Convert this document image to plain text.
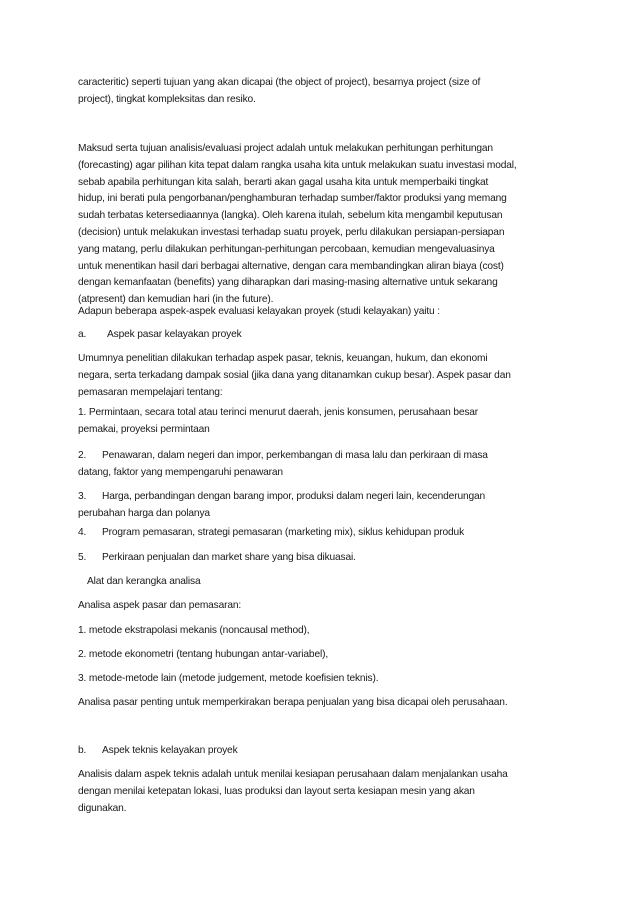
caracteritic) seperti tujuan yang akan dicapai (the object of project), besarnya project (size of
project), tingkat kompleksitas dan resiko.

Maksud serta tujuan analisis/evaluasi project adalah untuk melakukan perhitungan perhitungan
(forecasting) agar pilihan kita tepat dalam rangka usaha kita untuk melakukan suatu investasi modal,
sebab apabila perhitungan kita salah, berarti akan gagal usaha kita untuk memperbaiki tingkat
hidup, ini berati pula pengorbanan/penghamburan terhadap sumber/faktor produksi yang memang
sudah terbatas ketersediaannya (langka). Oleh karena itulah, sebelum kita mengambil keputusan
(decision) untuk melakukan investasi terhadap suatu proyek, perlu dilakukan persiapan-persiapan
yang matang, perlu dilakukan perhitungan-perhitungan percobaan, kemudian mengevaluasinya
untuk menentikan hasil dari berbagai alternative, dengan cara membandingkan aliran biaya (cost)
dengan kemanfaatan (benefits) yang diharapkan dari masing-masing alternative untuk sekarang
(atpresent) dan kemudian hari (in the future).

Adapun beberapa aspek-aspek evaluasi kelayakan proyek (studi kelayakan) yaitu :

a. Aspek pasar kelayakan proyek

Umumnya penelitian dilakukan terhadap aspek pasar, teknis, keuangan, hukum, dan ekonomi
negara, serta terkadang dampak sosial (jika dana yang ditanamkan cukup besar). Aspek pasar dan
pemasaran mempelajari tentang:

1. Permintaan, secara total atau terinci menurut daerah, jenis konsumen, perusahaan besar
pemakai, proyeksi permintaan

2. Penawaran, dalam negeri dan impor, perkembangan di masa lalu dan perkiraan di masa
datang, faktor yang mempengaruhi penawaran

3. Harga, perbandingan dengan barang impor, produksi dalam negeri lain, kecenderungan
perubahan harga dan polanya

4. Program pemasaran, strategi pemasaran (marketing mix), siklus kehidupan produk

5. Perkiraan penjualan dan market share yang bisa dikuasai.

Alat dan kerangka analisa

Analisa aspek pasar dan pemasaran:

1. metode ekstrapolasi mekanis (noncausal method),

2. metode ekonometri (tentang hubungan antar-variabel),

3. metode-metode lain (metode judgement, metode koefisien teknis).

Analisa pasar penting untuk memperkirakan berapa penjualan yang bisa dicapai oleh perusahaan.

b. Aspek teknis kelayakan proyek

Analisis dalam aspek teknis adalah untuk menilai kesiapan perusahaan dalam menjalankan usaha
dengan menilai ketepatan lokasi, luas produksi dan layout serta kesiapan mesin yang akan
digunakan.
